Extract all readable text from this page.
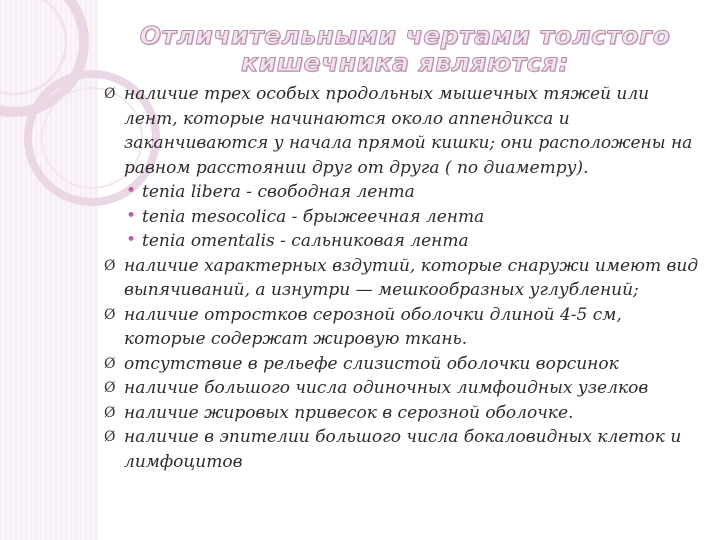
Отличительными чертами толстого
кишечника являются:
Ø наличие трех особых продольных мышечных тяжей или лент, которые начинаются около аппендикса и заканчиваются у начала прямой кишки; они расположены на равном расстоянии друг от друга ( по диаметру).
• tenia libera - свободная лента
• tenia mesocolica - брыжеечная лента
• tenia omentalis - сальниковая лента
Ø наличие характерных вздутий, которые снаружи имеют вид выпячиваний, а изнутри — мешкообразных углублений;
Ø наличие отростков серозной оболочки длиной 4-5 см, которые содержат жировую ткань.
Ø отсутствие в рельефе слизистой оболочки ворсинок
Ø наличие большого числа одиночных лимфоидных узелков
Ø наличие жировых привесок в серозной оболочке.
Ø наличие в эпителии большого числа бокаловидных клеток и лимфоцитов
